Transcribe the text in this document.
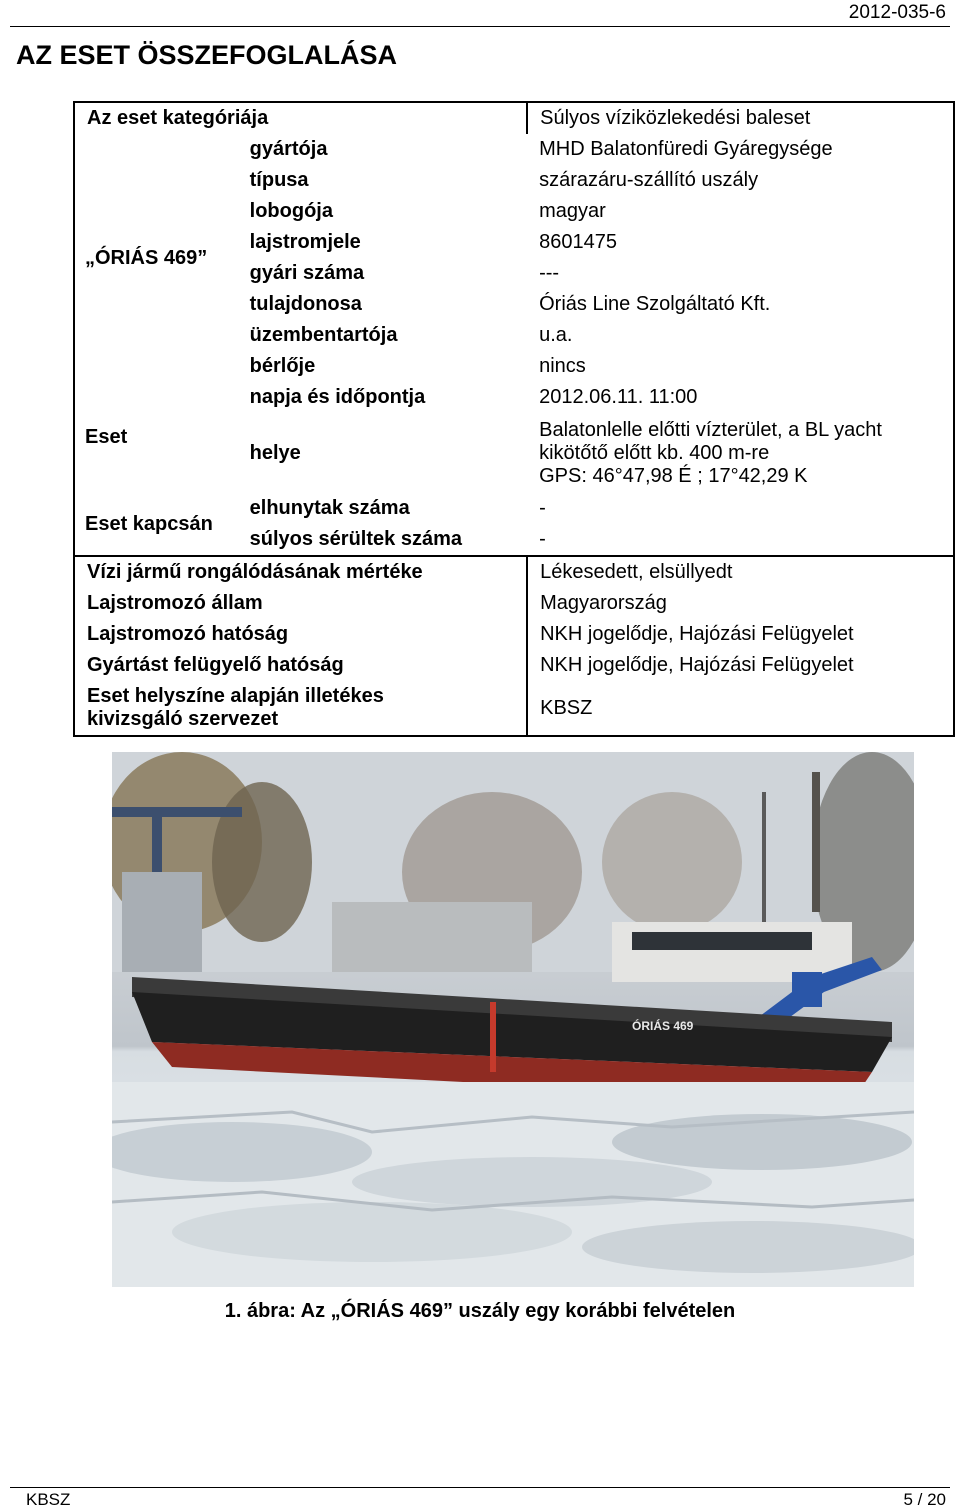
2012-035-6
AZ ESET ÖSSZEFOGLALÁSA
Az eset kategóriája		Súlyos víziközlekedési baleset
„ÓRIÁS 469”	gyártója	MHD Balatonfüredi Gyáregysége
	típusa	szárazáru-szállító uszály
	lobogója	magyar
	lajstromjele	8601475
	gyári száma	---
	tulajdonosa	Óriás Line Szolgáltató Kft.
	üzembentartója	u.a.
	bérlője	nincs
Eset	napja és időpontja	2012.06.11. 11:00
	helye	Balatonlelle előtti vízterület, a BL yacht
kikötőtő előtt kb. 400 m-re
GPS: 46°47,98 É ; 17°42,29 K

Eset kapcsán	elhunytak száma	-
	súlyos sérültek száma	-
Vízi jármű rongálódásának mértéke		Lékesedett, elsüllyedt
Lajstromozó állam		Magyarország
Lajstromozó hatóság		NKH jogelődje, Hajózási Felügyelet
Gyártást felügyelő hatóság		NKH jogelődje, Hajózási Felügyelet

Eset helyszíne alapján illetékes
kivizsgáló szervezet		KBSZ
ÓRIÁS 469
1. ábra: Az „ÓRIÁS 469” uszály egy korábbi felvételen
KBSZ	5 / 20
